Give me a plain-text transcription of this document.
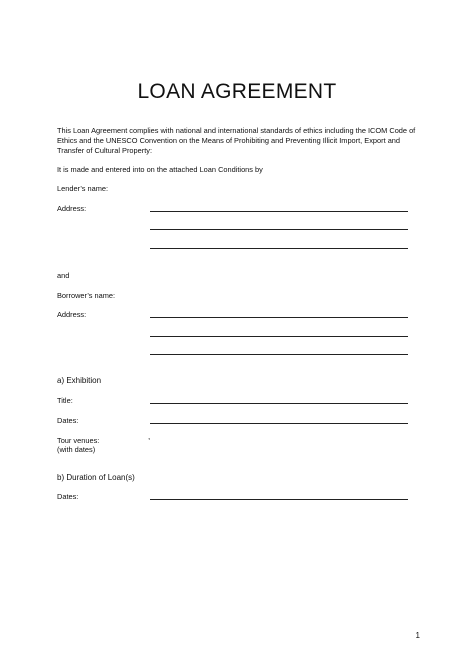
LOAN AGREEMENT
This Loan Agreement complies with national and international standards of ethics including the ICOM Code of Ethics and the UNESCO Convention on the Means of Prohibiting and Preventing Illicit Import, Export and Transfer of Cultural Property:
It is made and entered into on the attached Loan Conditions by
Lender’s name:
Address:
and
Borrower’s name:
Address:
a) Exhibition
Title:
Dates:
Tour venues:
(with dates)
,
b) Duration of Loan(s)
Dates:
1
